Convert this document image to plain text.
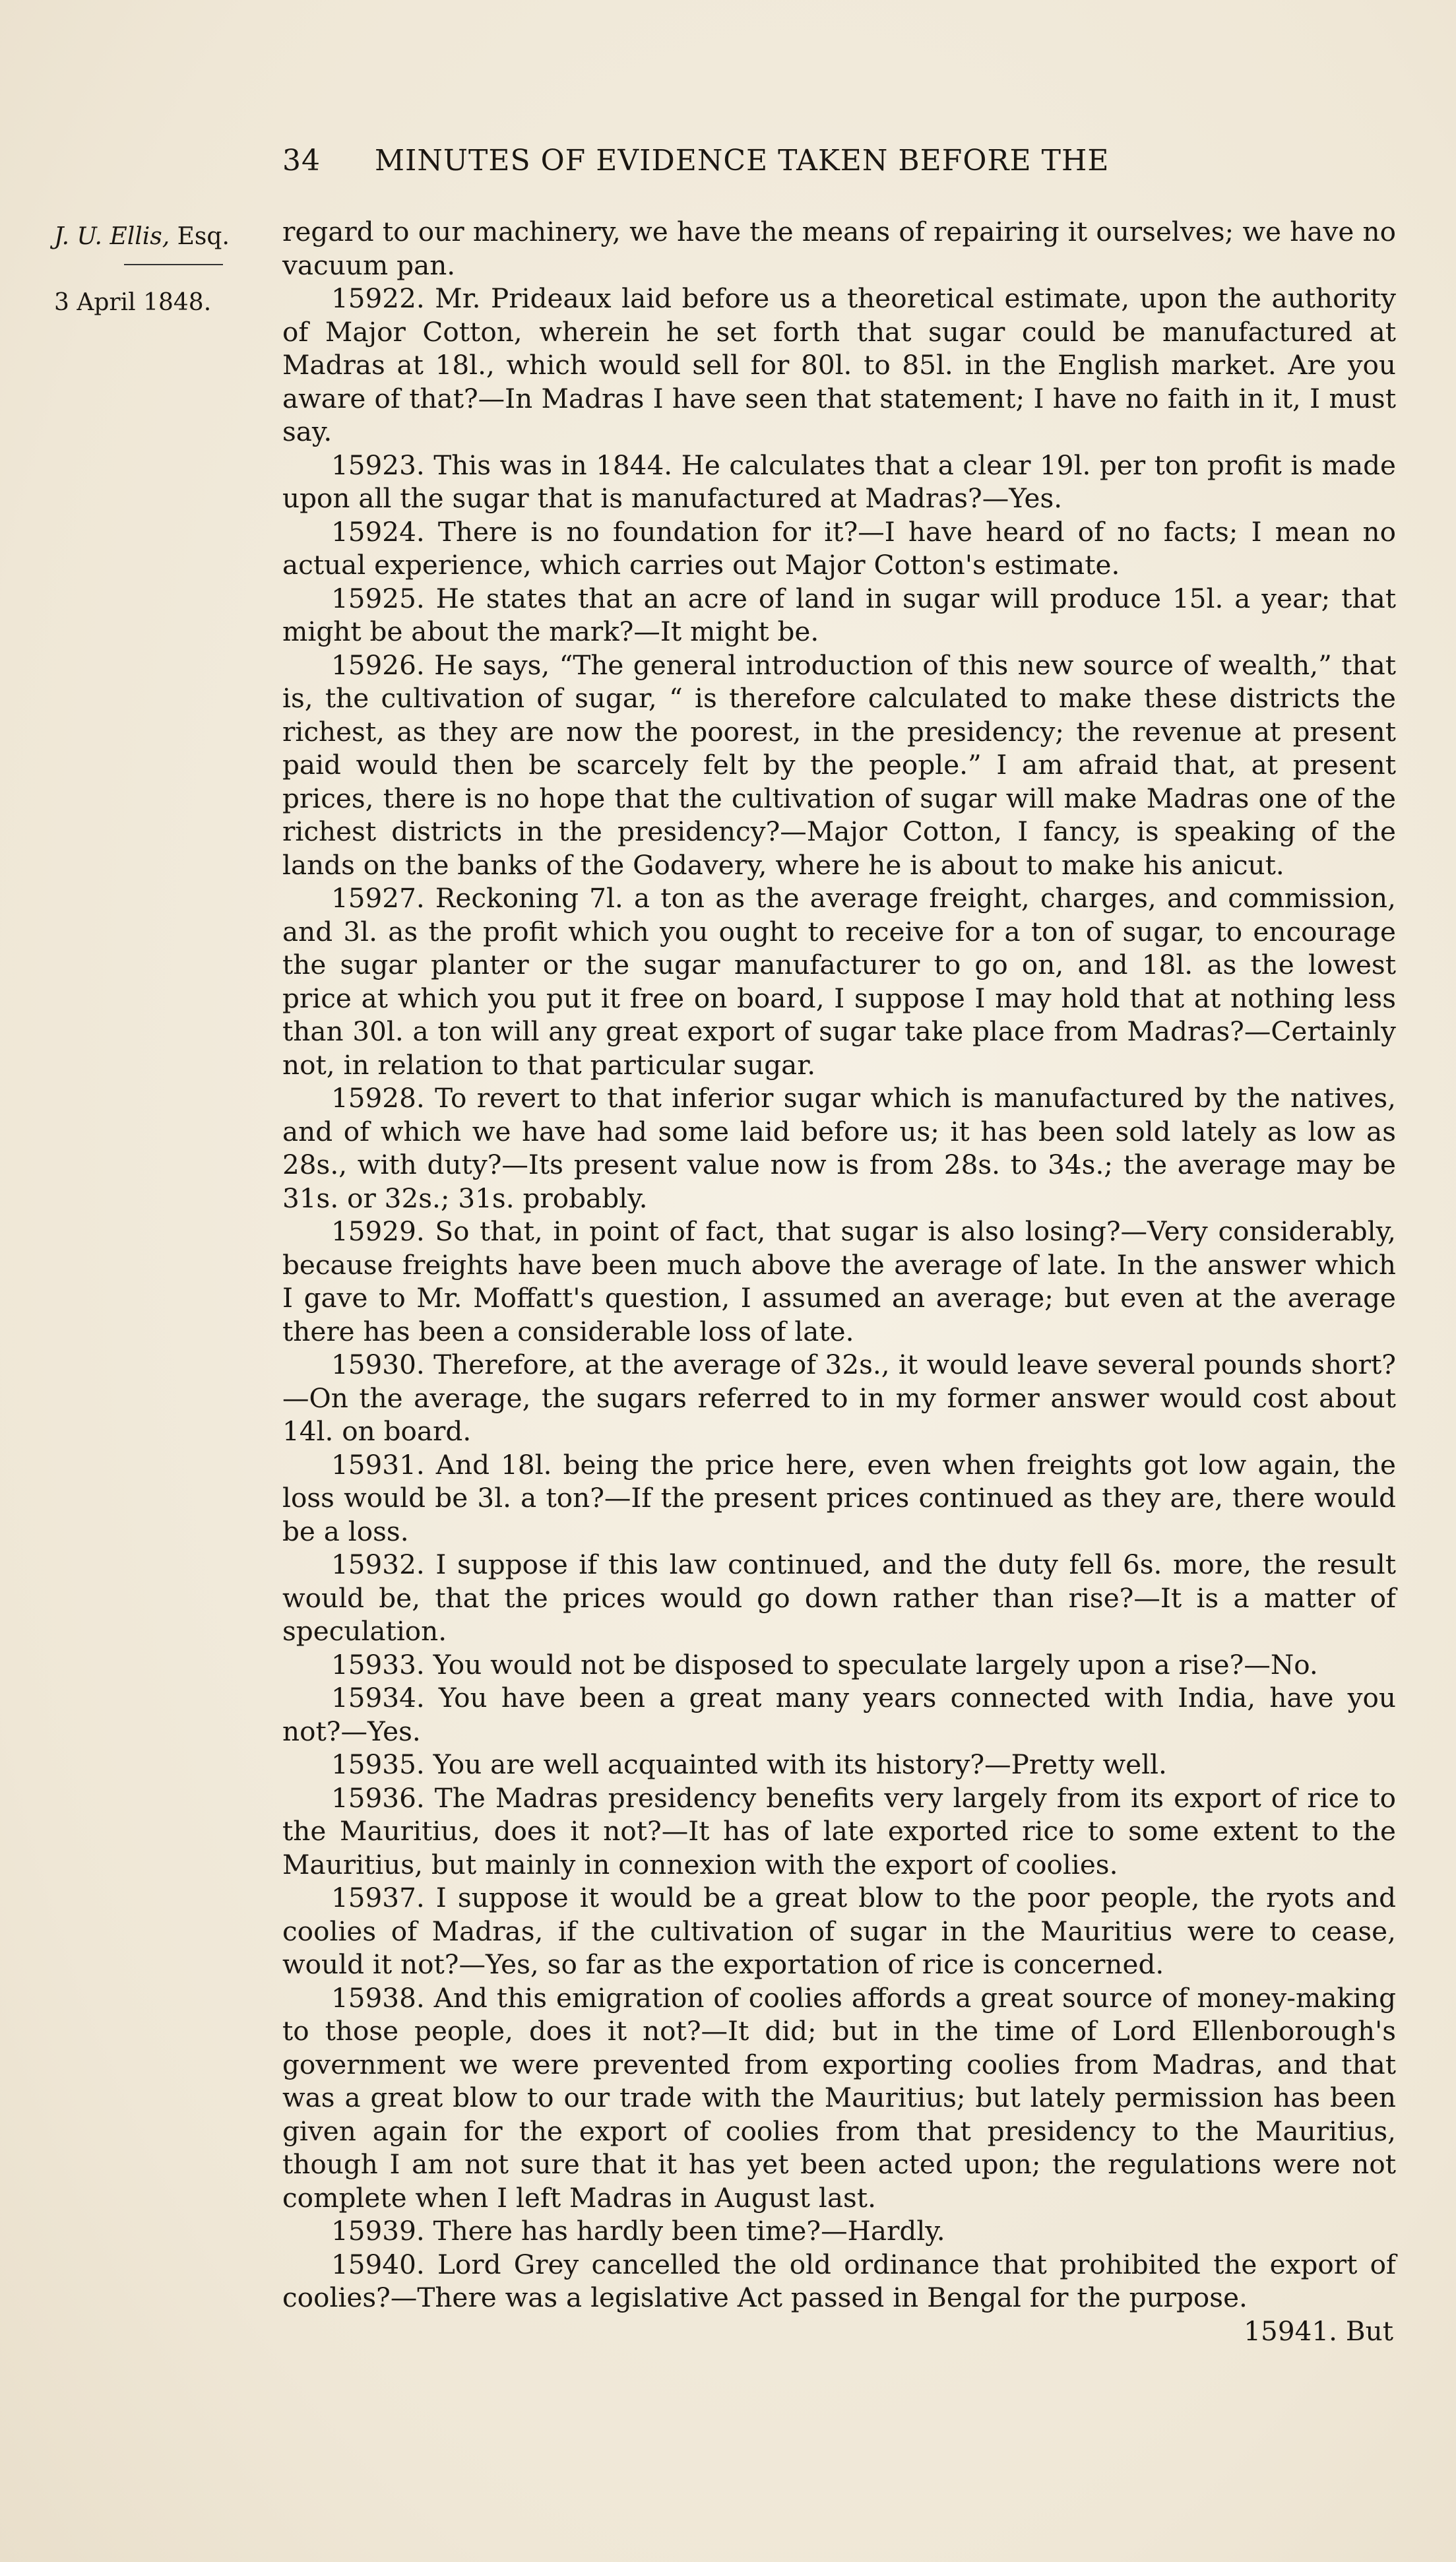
34 MINUTES OF EVIDENCE TAKEN BEFORE THE
J. U. Ellis, Esq.
3 April 1848.

regard to our machinery, we have the means of repairing it ourselves; we have no vacuum pan.

15922. Mr. Prideaux laid before us a theoretical estimate, upon the authority of Major Cotton, wherein he set forth that sugar could be manufactured at Madras at 18l., which would sell for 80l. to 85l. in the English market. Are you aware of that?—In Madras I have seen that statement; I have no faith in it, I must say.

15923. This was in 1844. He calculates that a clear 19l. per ton profit is made upon all the sugar that is manufactured at Madras?—Yes.

15924. There is no foundation for it?—I have heard of no facts; I mean no actual experience, which carries out Major Cotton's estimate.

15925. He states that an acre of land in sugar will produce 15l. a year; that might be about the mark?—It might be.

15926. He says, “The general introduction of this new source of wealth,” that is, the cultivation of sugar, “ is therefore calculated to make these districts the richest, as they are now the poorest, in the presidency; the revenue at present paid would then be scarcely felt by the people.” I am afraid that, at present prices, there is no hope that the cultivation of sugar will make Madras one of the richest districts in the presidency?—Major Cotton, I fancy, is speaking of the lands on the banks of the Godavery, where he is about to make his anicut.

15927. Reckoning 7l. a ton as the average freight, charges, and commission, and 3l. as the profit which you ought to receive for a ton of sugar, to encourage the sugar planter or the sugar manufacturer to go on, and 18l. as the lowest price at which you put it free on board, I suppose I may hold that at nothing less than 30l. a ton will any great export of sugar take place from Madras?—Certainly not, in relation to that particular sugar.

15928. To revert to that inferior sugar which is manufactured by the natives, and of which we have had some laid before us; it has been sold lately as low as 28s., with duty?—Its present value now is from 28s. to 34s.; the average may be 31s. or 32s.; 31s. probably.

15929. So that, in point of fact, that sugar is also losing?—Very considerably, because freights have been much above the average of late. In the answer which I gave to Mr. Moffatt's question, I assumed an average; but even at the average there has been a considerable loss of late.

15930. Therefore, at the average of 32s., it would leave several pounds short?—On the average, the sugars referred to in my former answer would cost about 14l. on board.

15931. And 18l. being the price here, even when freights got low again, the loss would be 3l. a ton?—If the present prices continued as they are, there would be a loss.

15932. I suppose if this law continued, and the duty fell 6s. more, the result would be, that the prices would go down rather than rise?—It is a matter of speculation.

15933. You would not be disposed to speculate largely upon a rise?—No.

15934. You have been a great many years connected with India, have you not?—Yes.

15935. You are well acquainted with its history?—Pretty well.

15936. The Madras presidency benefits very largely from its export of rice to the Mauritius, does it not?—It has of late exported rice to some extent to the Mauritius, but mainly in connexion with the export of coolies.

15937. I suppose it would be a great blow to the poor people, the ryots and coolies of Madras, if the cultivation of sugar in the Mauritius were to cease, would it not?—Yes, so far as the exportation of rice is concerned.

15938. And this emigration of coolies affords a great source of money-making to those people, does it not?—It did; but in the time of Lord Ellenborough's government we were prevented from exporting coolies from Madras, and that was a great blow to our trade with the Mauritius; but lately permission has been given again for the export of coolies from that presidency to the Mauritius, though I am not sure that it has yet been acted upon; the regulations were not complete when I left Madras in August last.

15939. There has hardly been time?—Hardly.

15940. Lord Grey cancelled the old ordinance that prohibited the export of coolies?—There was a legislative Act passed in Bengal for the purpose.

15941. But
